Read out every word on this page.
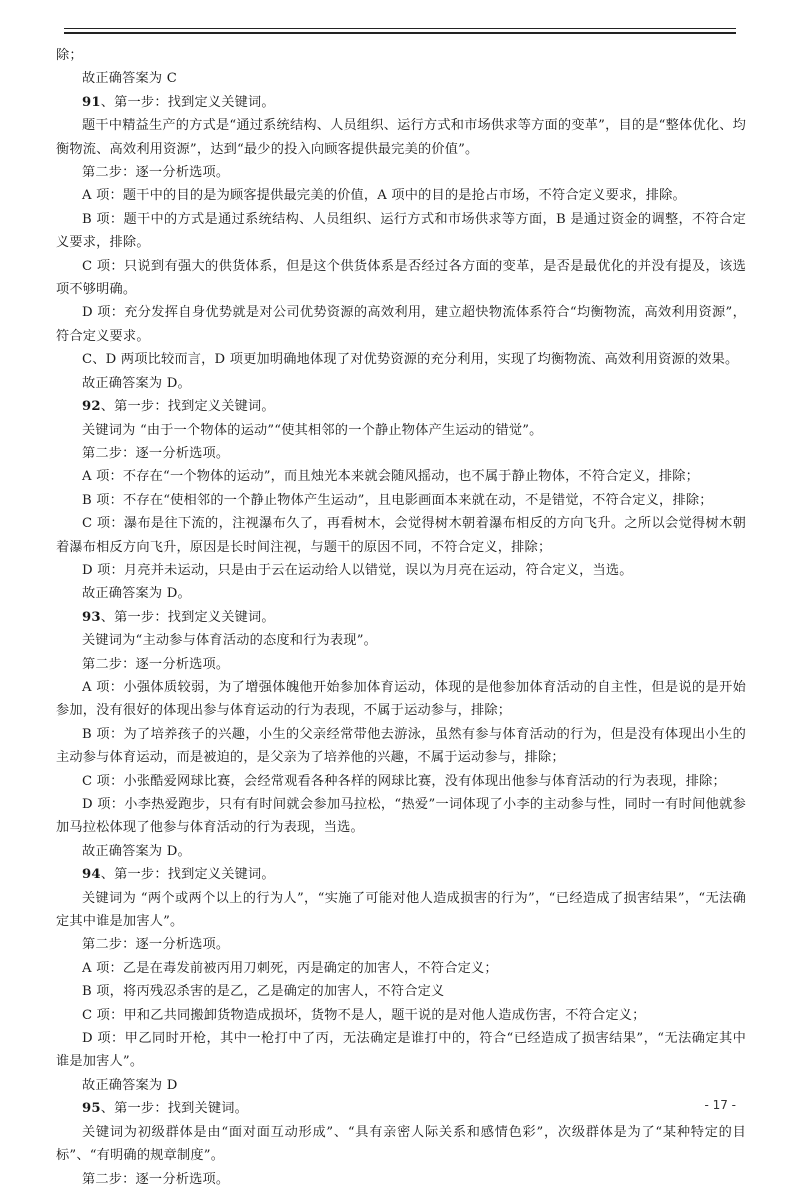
除；

故正确答案为 C

91、第一步：找到定义关键词。

题干中精益生产的方式是“通过系统结构、人员组织、运行方式和市场供求等方面的变革”，目的是“整体优化、均衡物流、高效利用资源”，达到“最少的投入向顾客提供最完美的价值”。

第二步：逐一分析选项。

A 项：题干中的目的是为顾客提供最完美的价值，A 项中的目的是抢占市场，不符合定义要求，排除。

B 项：题干中的方式是通过系统结构、人员组织、运行方式和市场供求等方面，B 是通过资金的调整，不符合定义要求，排除。

C 项：只说到有强大的供货体系，但是这个供货体系是否经过各方面的变革，是否是最优化的并没有提及，该选项不够明确。

D 项：充分发挥自身优势就是对公司优势资源的高效利用，建立超快物流体系符合“均衡物流，高效利用资源”，符合定义要求。

C、D 两项比较而言，D 项更加明确地体现了对优势资源的充分利用，实现了均衡物流、高效利用资源的效果。

故正确答案为 D。

92、第一步：找到定义关键词。

关键词为 “由于一个物体的运动”“使其相邻的一个静止物体产生运动的错觉”。

第二步：逐一分析选项。

A 项：不存在“一个物体的运动”，而且烛光本来就会随风摇动，也不属于静止物体，不符合定义，排除；

B 项：不存在“使相邻的一个静止物体产生运动”，且电影画面本来就在动，不是错觉，不符合定义，排除；

C 项：瀑布是往下流的，注视瀑布久了，再看树木，会觉得树木朝着瀑布相反的方向飞升。之所以会觉得树木朝着瀑布相反方向飞升，原因是长时间注视，与题干的原因不同，不符合定义，排除；

D 项：月亮并未运动，只是由于云在运动给人以错觉，误以为月亮在运动，符合定义，当选。

故正确答案为 D。

93、第一步：找到定义关键词。

关键词为“主动参与体育活动的态度和行为表现”。

第二步：逐一分析选项。

A 项：小强体质较弱，为了增强体魄他开始参加体育运动，体现的是他参加体育活动的自主性，但是说的是开始参加，没有很好的体现出参与体育运动的行为表现，不属于运动参与，排除；

B 项：为了培养孩子的兴趣，小生的父亲经常带他去游泳，虽然有参与体育活动的行为，但是没有体现出小生的主动参与体育运动，而是被迫的，是父亲为了培养他的兴趣，不属于运动参与，排除；

C 项：小张酷爱网球比赛，会经常观看各种各样的网球比赛，没有体现出他参与体育活动的行为表现，排除；

D 项：小李热爱跑步，只有有时间就会参加马拉松，“热爱”一词体现了小李的主动参与性，同时一有时间他就参加马拉松体现了他参与体育活动的行为表现，当选。

故正确答案为 D。

94、第一步：找到定义关键词。

关键词为 “两个或两个以上的行为人”，“实施了可能对他人造成损害的行为”，“已经造成了损害结果”，“无法确定其中谁是加害人”。

第二步：逐一分析选项。

A 项：乙是在毒发前被丙用刀刺死，丙是确定的加害人，不符合定义；

B 项，将丙残忍杀害的是乙，乙是确定的加害人，不符合定义

C 项：甲和乙共同搬卸货物造成损坏，货物不是人，题干说的是对他人造成伤害，不符合定义；

D 项：甲乙同时开枪，其中一枪打中了丙，无法确定是谁打中的，符合“已经造成了损害结果”，“无法确定其中谁是加害人”。

故正确答案为 D

95、第一步：找到关键词。

关键词为初级群体是由“面对面互动形成”、“具有亲密人际关系和感情色彩”，次级群体是为了“某种特定的目标”、“有明确的规章制度”。

第二步：逐一分析选项。

- 17 -
